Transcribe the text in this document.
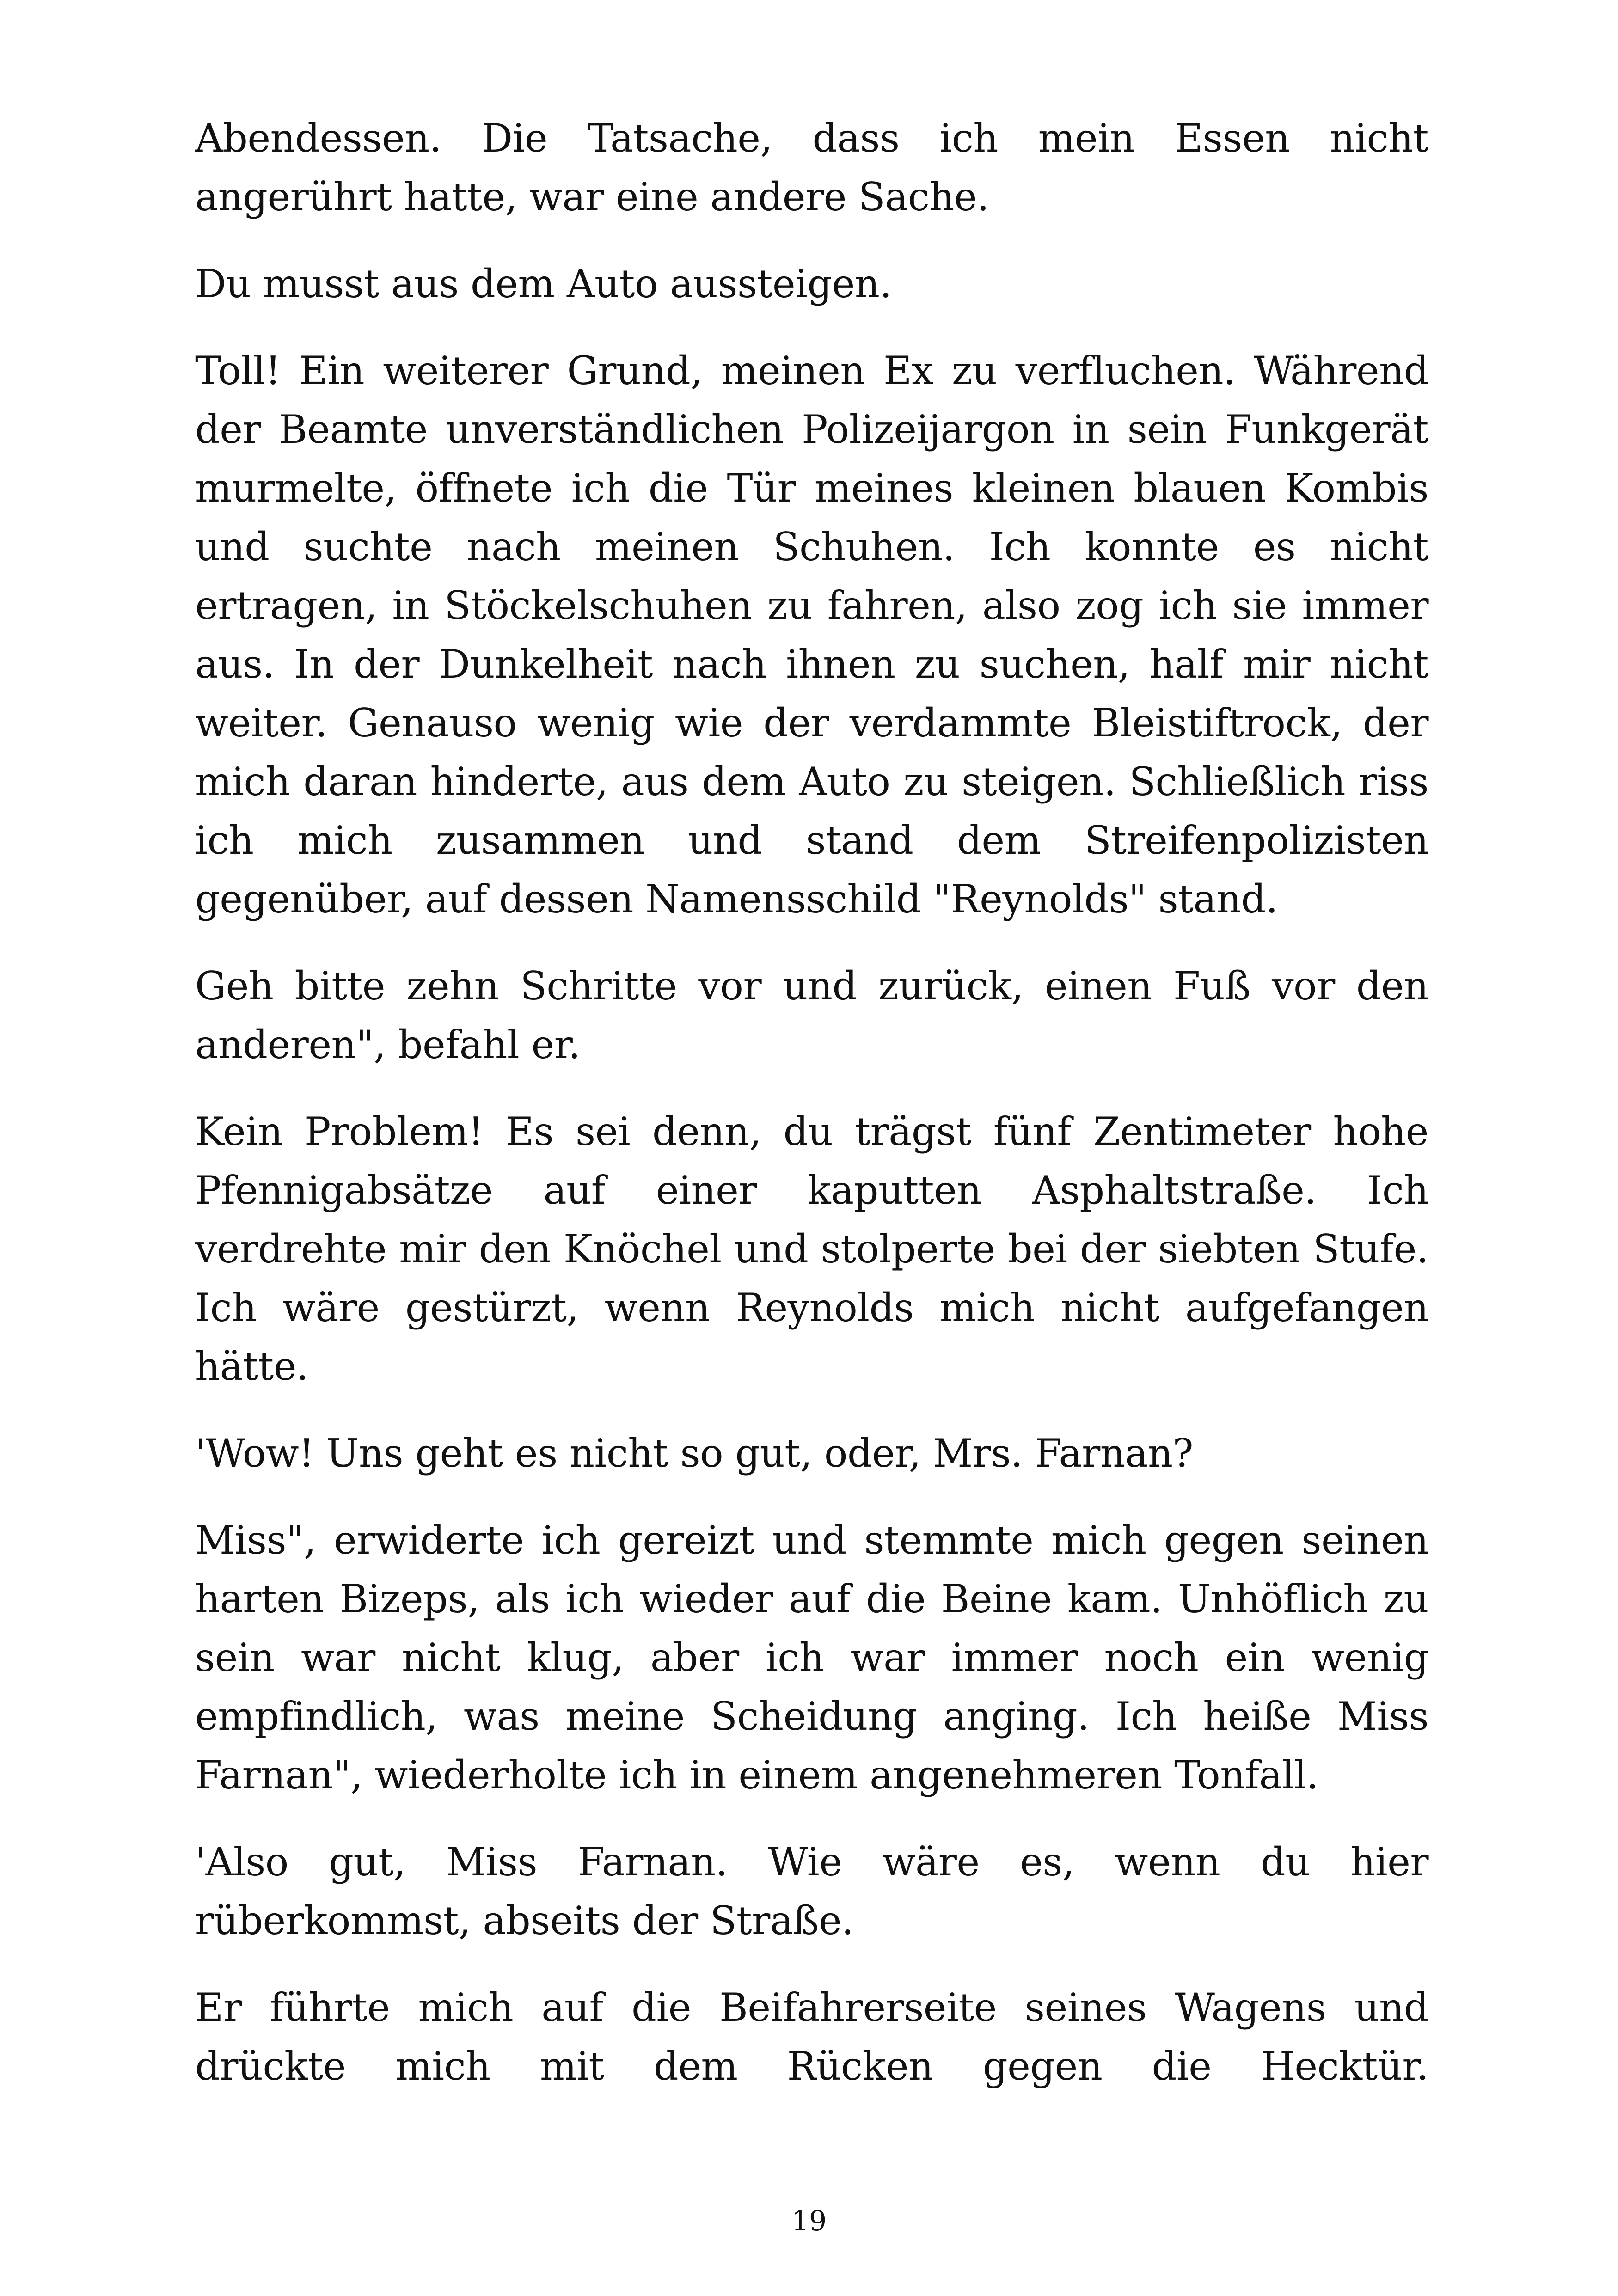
Abendessen. Die Tatsache, dass ich mein Essen nicht angerührt hatte, war eine andere Sache.

Du musst aus dem Auto aussteigen.

Toll! Ein weiterer Grund, meinen Ex zu verfluchen. Während der Beamte unverständlichen Polizeijargon in sein Funkgerät murmelte, öffnete ich die Tür meines kleinen blauen Kombis und suchte nach meinen Schuhen. Ich konnte es nicht ertragen, in Stöckelschuhen zu fahren, also zog ich sie immer aus. In der Dunkelheit nach ihnen zu suchen, half mir nicht weiter. Genauso wenig wie der verdammte Bleistiftrock, der mich daran hinderte, aus dem Auto zu steigen. Schließlich riss ich mich zusammen und stand dem Streifenpolizisten gegenüber, auf dessen Namensschild "Reynolds" stand.

Geh bitte zehn Schritte vor und zurück, einen Fuß vor den anderen", befahl er.

Kein Problem! Es sei denn, du trägst fünf Zentimeter hohe Pfennigabsätze auf einer kaputten Asphaltstraße. Ich verdrehte mir den Knöchel und stolperte bei der siebten Stufe. Ich wäre gestürzt, wenn Reynolds mich nicht aufgefangen hätte.

'Wow! Uns geht es nicht so gut, oder, Mrs. Farnan?

Miss", erwiderte ich gereizt und stemmte mich gegen seinen harten Bizeps, als ich wieder auf die Beine kam. Unhöflich zu sein war nicht klug, aber ich war immer noch ein wenig empfindlich, was meine Scheidung anging. Ich heiße Miss Farnan", wiederholte ich in einem angenehmeren Tonfall.

'Also gut, Miss Farnan. Wie wäre es, wenn du hier rüberkommst, abseits der Straße.

Er führte mich auf die Beifahrerseite seines Wagens und drückte mich mit dem Rücken gegen die Hecktür.

19
